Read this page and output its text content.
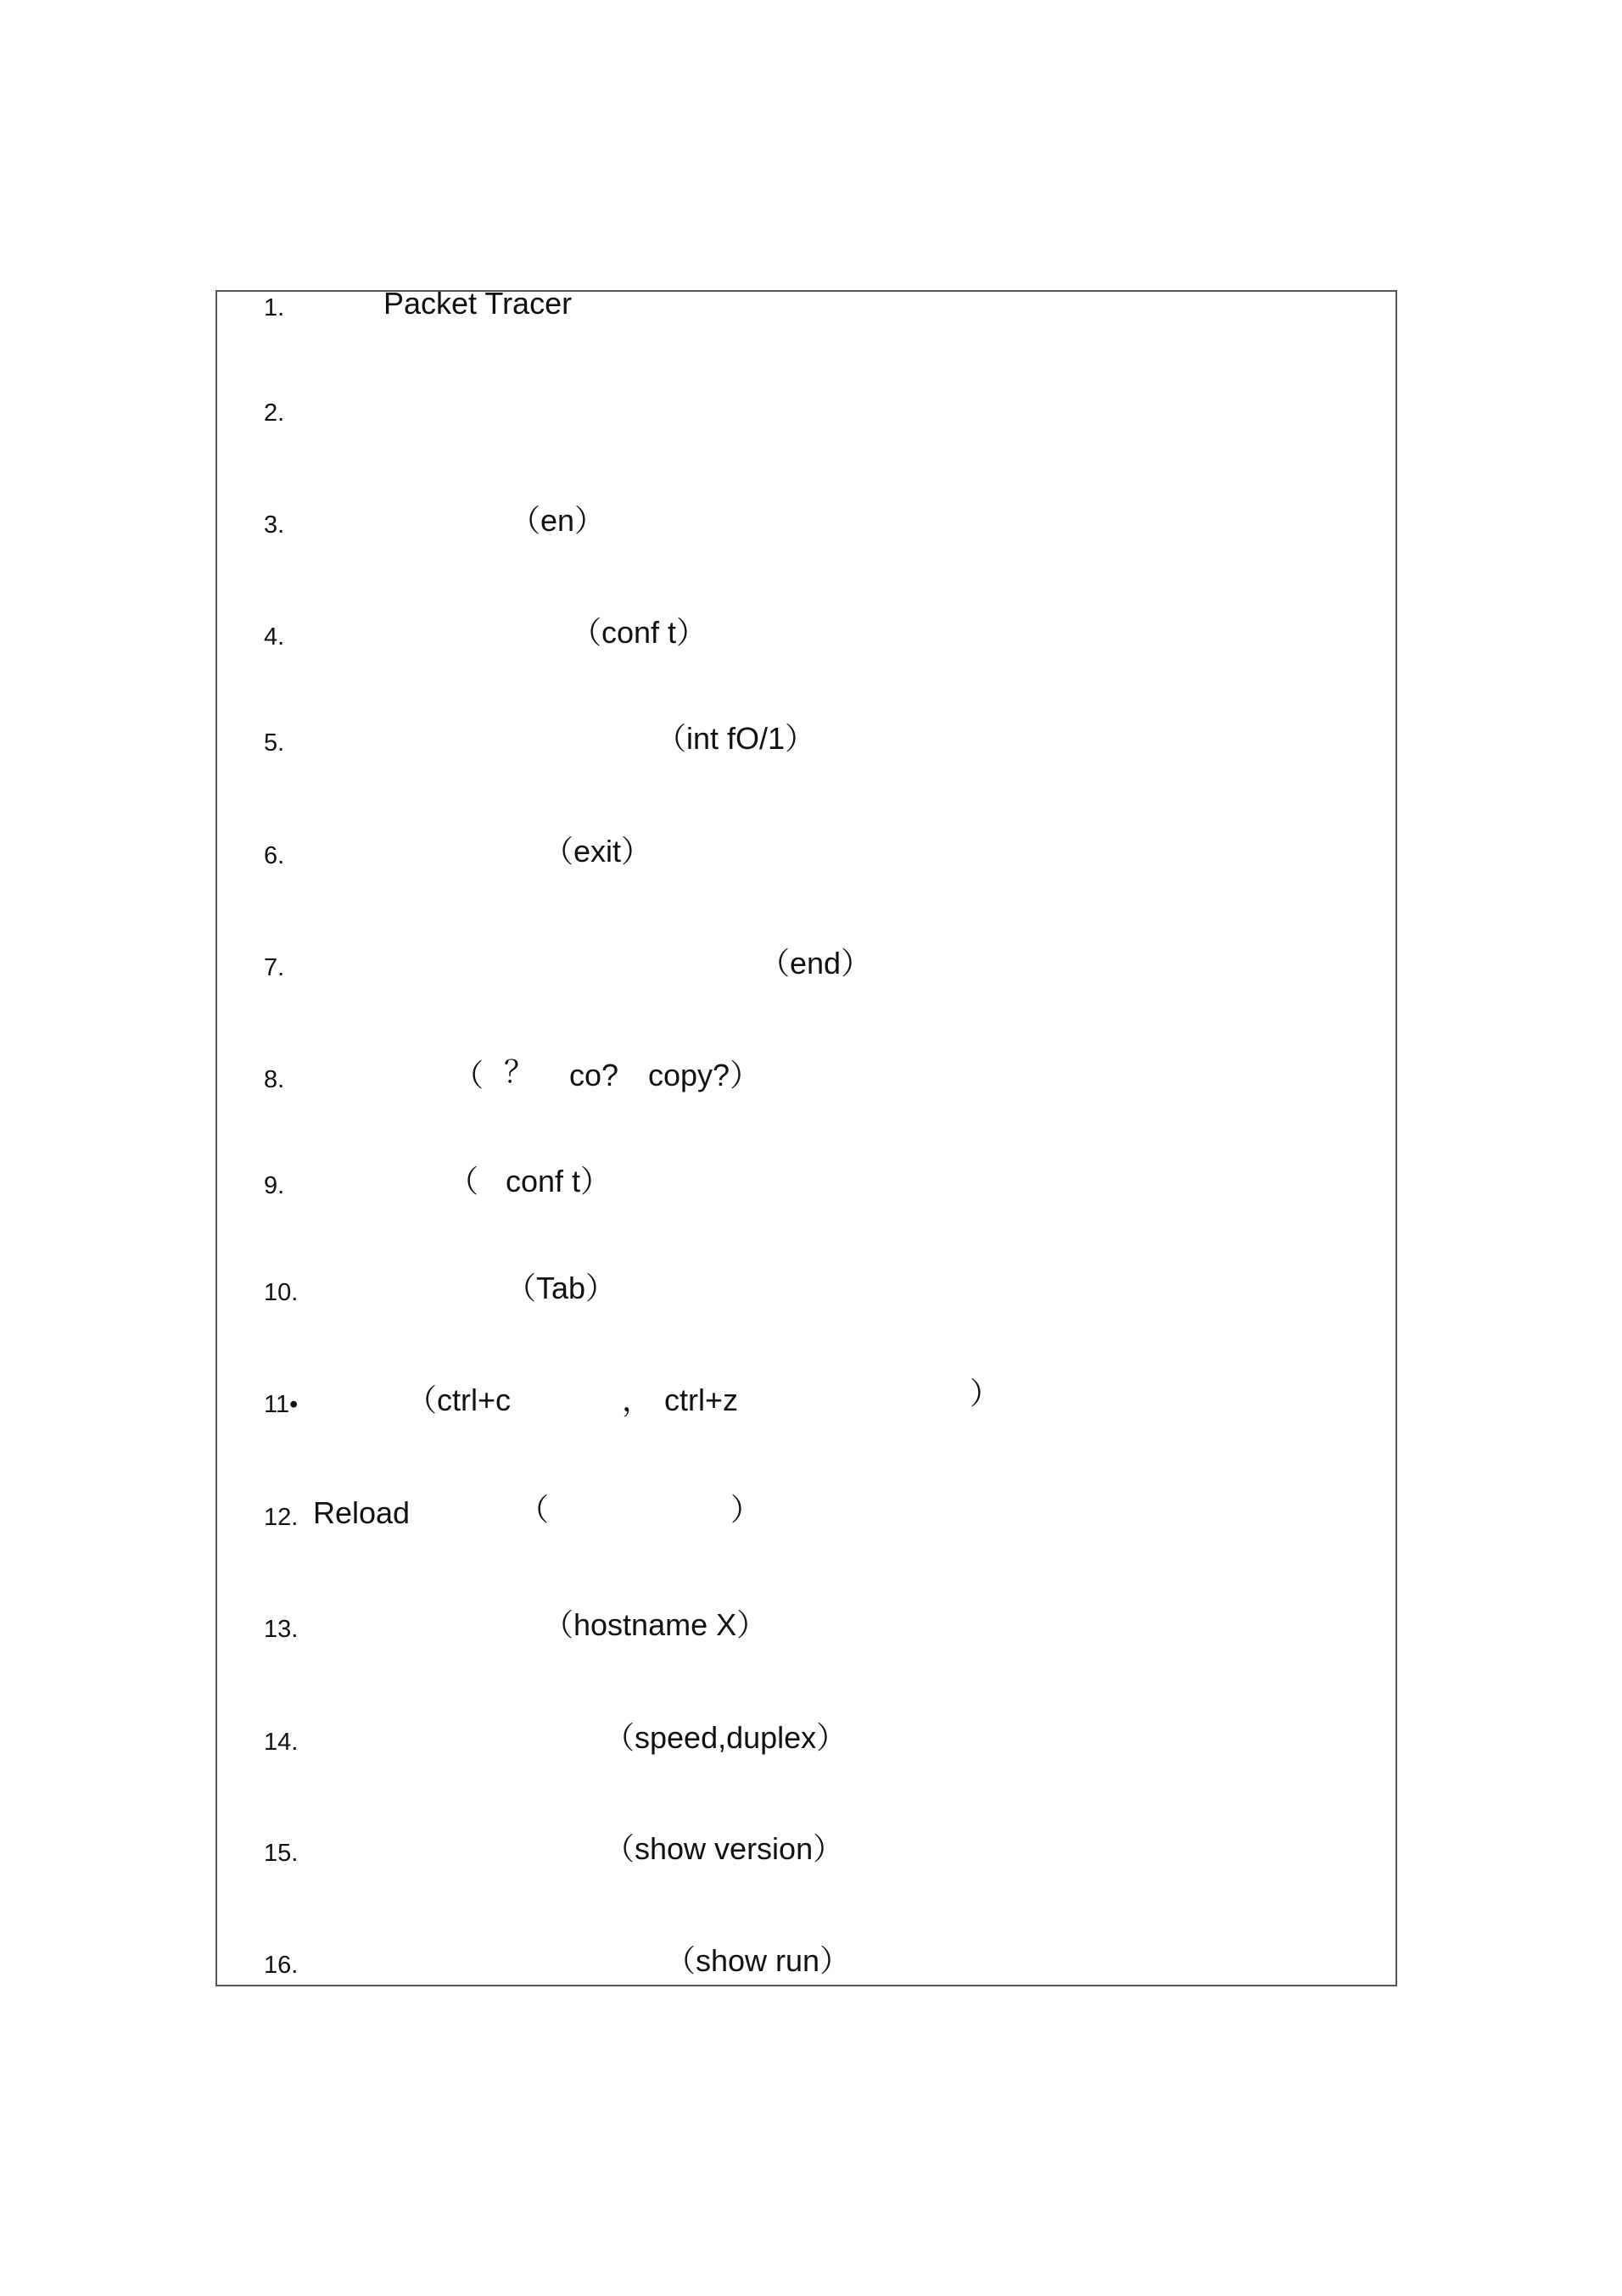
1.	Packet Tracer
2.
3.	（en）
4.	（conf t）
5.	（int fO/1）
6.	（exit）
7.	（end）
8.	（ ？ co? copy?）
9.	（ conf t）
10.	（Tab）
11•	（ctrl+c	， ctrl+z	）
12. Reload	（	）
13.	（hostname X）
14.	（speed,duplex）
15.	（show version）
16.	（show run）
